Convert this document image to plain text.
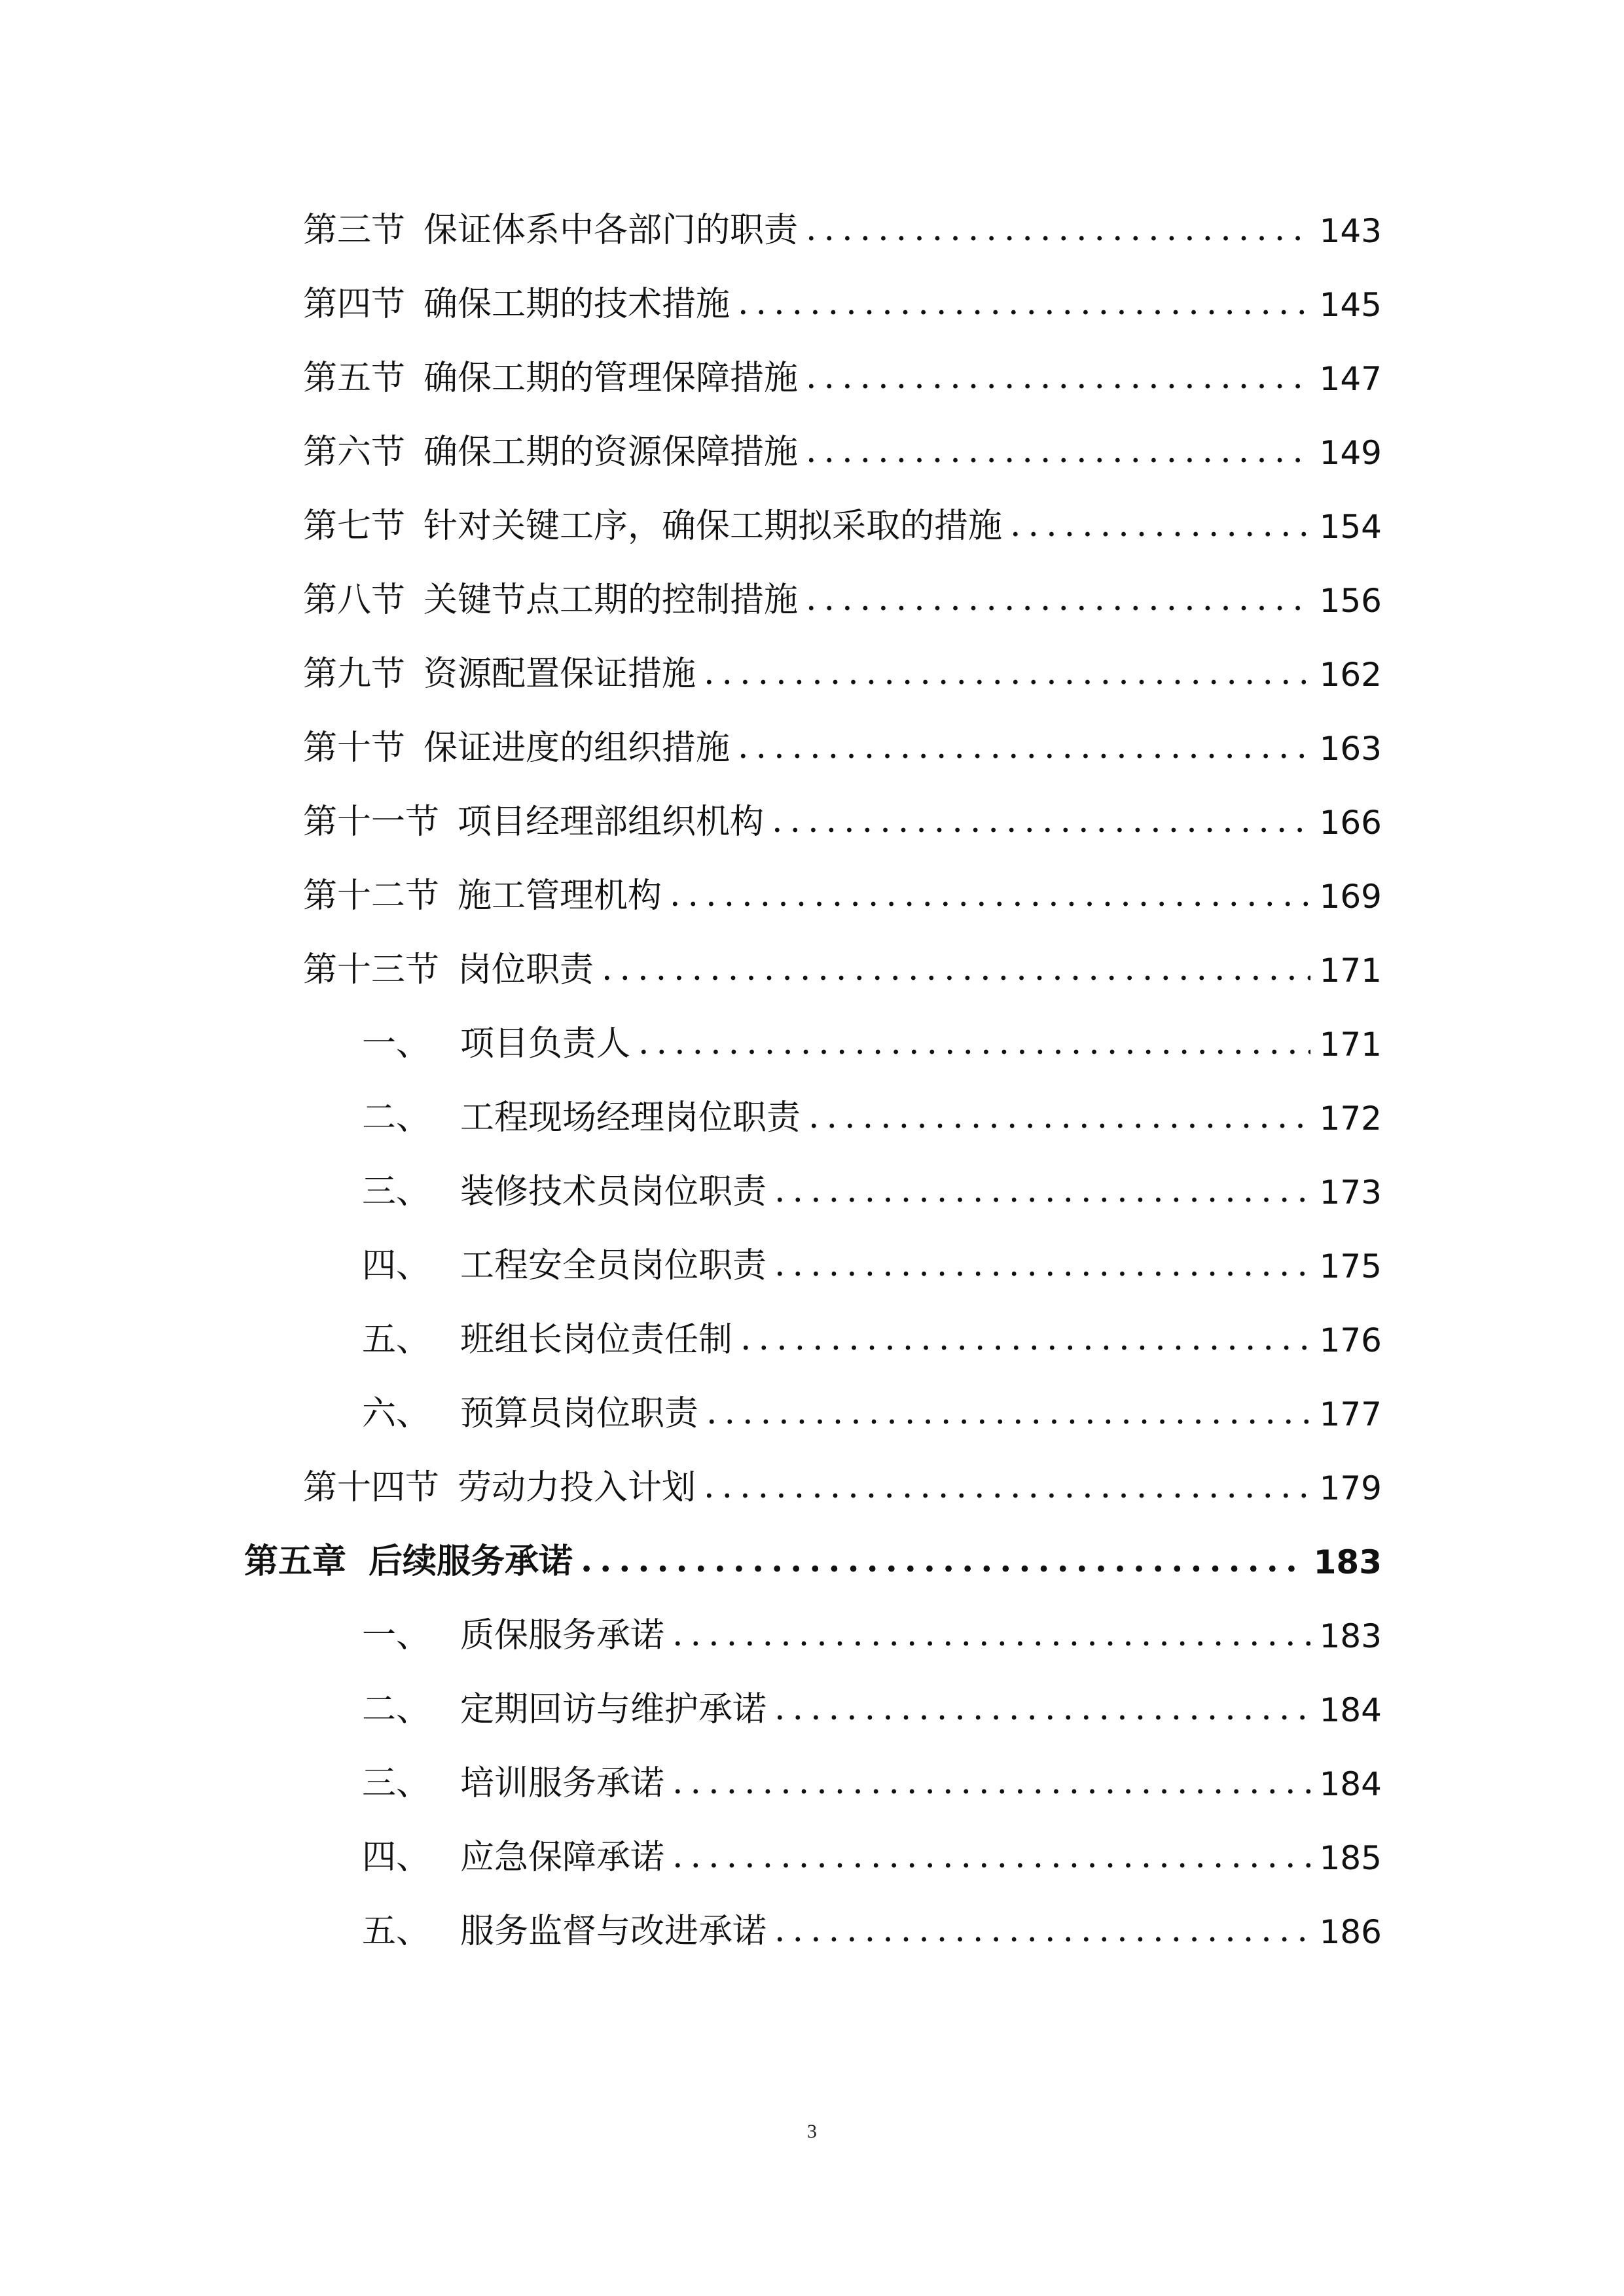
第三节 保证体系中各部门的职责 .....	143
第四节 确保工期的技术措施 .....	145
第五节 确保工期的管理保障措施 .....	147
第六节 确保工期的资源保障措施 .....	149
第七节 针对关键工序，确保工期拟采取的措施 .....	154
第八节 关键节点工期的控制措施 .....	156
第九节 资源配置保证措施 .....	162
第十节 保证进度的组织措施 .....	163
第十一节 项目经理部组织机构 .....	166
第十二节 施工管理机构 .....	169
第十三节 岗位职责 .....	171
一、 项目负责人 .....	171
二、 工程现场经理岗位职责 .....	172
三、 装修技术员岗位职责 .....	173
四、 工程安全员岗位职责 .....	175
五、 班组长岗位责任制 .....	176
六、 预算员岗位职责 .....	177
第十四节 劳动力投入计划 .....	179
第五章 后续服务承诺 .....	183
一、 质保服务承诺 .....	183
二、 定期回访与维护承诺 .....	184
三、 培训服务承诺 .....	184
四、 应急保障承诺 .....	185
五、 服务监督与改进承诺 .....	186
3
